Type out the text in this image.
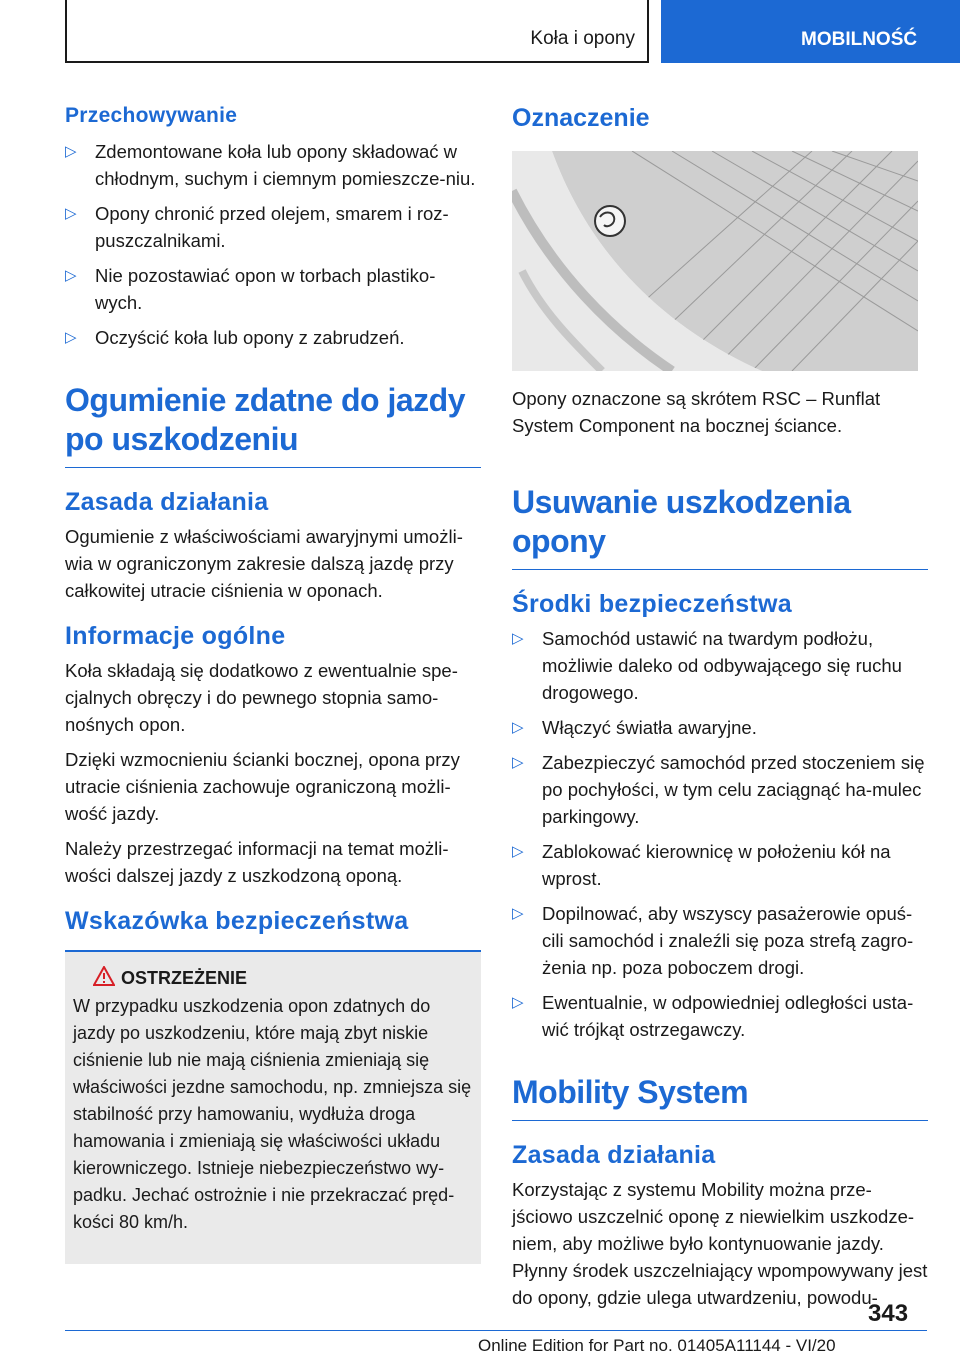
Koła i opony	MOBILNOŚĆ
Przechowywanie
▷ Zdemontowane koła lub opony składować w chłodnym, suchym i ciemnym pomieszcze-niu.
▷ Opony chronić przed olejem, smarem i roz-puszczalnikami.
▷ Nie pozostawiać opon w torbach plastiko-wych.
▷ Oczyścić koła lub opony z zabrudzeń.
Ogumienie zdatne do jazdy po uszkodzeniu
Zasada działania

Ogumienie z właściwościami awaryjnymi umożli-wia w ograniczonym zakresie dalszą jazdę przy całkowitej utracie ciśnienia w oponach.

Informacje ogólne

Koła składają się dodatkowo z ewentualnie spe-cjalnych obręczy i do pewnego stopnia samo-nośnych opon.

Dzięki wzmocnieniu ścianki bocznej, opona przy utracie ciśnienia zachowuje ograniczoną możli-wość jazdy.

Należy przestrzegać informacji na temat możli-wości dalszej jazdy z uszkodzoną oponą.

Wskazówka bezpieczeństwa
OSTRZEŻENIE

W przypadku uszkodzenia opon zdatnych do jazdy po uszkodzeniu, które mają zbyt niskie ciśnienie lub nie mają ciśnienia zmieniają się właściwości jezdne samochodu, np. zmniejsza się stabilność przy hamowaniu, wydłuża droga hamowania i zmieniają się właściwości układu kierowniczego. Istnieje niebezpieczeństwo wy-padku. Jechać ostrożnie i nie przekraczać pręd-kości 80 km/h.

Oznaczenie

Opony oznaczone są skrótem RSC – Runflat System Component na bocznej ściance.

Usuwanie uszkodzenia opony
Środki bezpieczeństwa
▷ Samochód ustawić na twardym podłożu, możliwie daleko od odbywającego się ruchu drogowego.
▷ Włączyć światła awaryjne.
▷ Zabezpieczyć samochód przed stoczeniem się po pochyłości, w tym celu zaciągnąć ha-mulec parkingowy.
▷ Zablokować kierownicę w położeniu kół na wprost.
▷ Dopilnować, aby wszyscy pasażerowie opuś-cili samochód i znaleźli się poza strefą zagro-żenia np. poza poboczem drogi.
▷ Ewentualnie, w odpowiedniej odległości usta-wić trójkąt ostrzegawczy.
Mobility System
Zasada działania

Korzystając z systemu Mobility można prze-jściowo uszczelnić oponę z niewielkim uszkodze-niem, aby możliwe było kontynuowanie jazdy. Płynny środek uszczelniający wpompowywany jest do opony, gdzie ulega utwardzeniu, powodu-

343
Online Edition for Part no. 01405A11144 - VI/20
